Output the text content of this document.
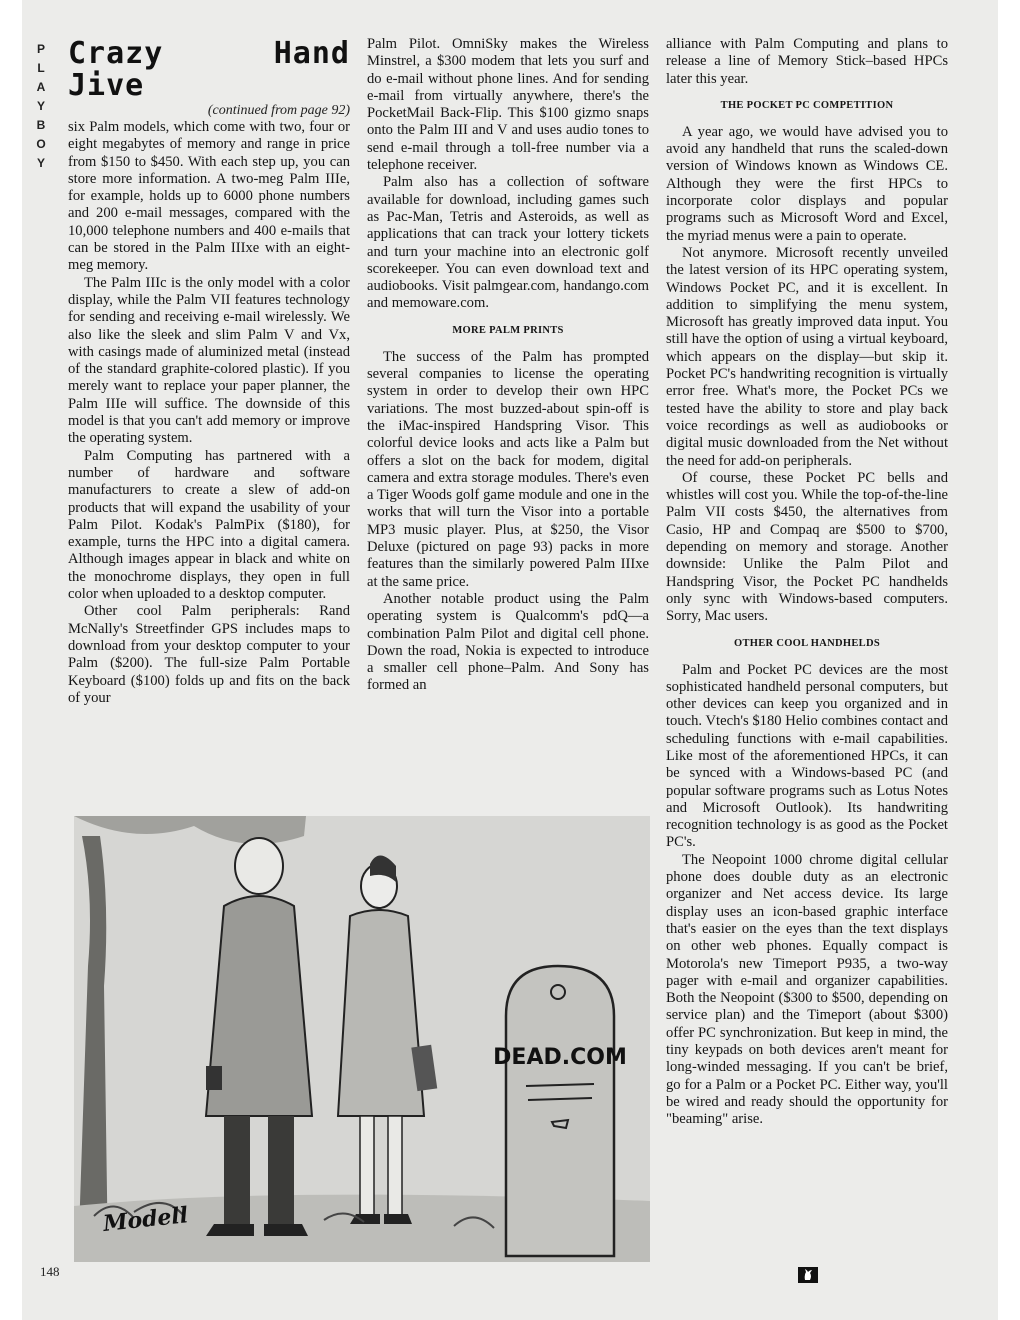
P
L
A
Y
B
O
Y
Crazy Hand Jive
(continued from page 92)

six Palm models, which come with two, four or eight megabytes of memory and range in price from $150 to $450. With each step up, you can store more information. A two-meg Palm IIIe, for example, holds up to 6000 phone numbers and 200 e-mail messages, compared with the 10,000 telephone numbers and 400 e-mails that can be stored in the Palm IIIxe with an eight-meg memory.

The Palm IIIc is the only model with a color display, while the Palm VII features technology for sending and receiving e-mail wirelessly. We also like the sleek and slim Palm V and Vx, with casings made of aluminized metal (instead of the standard graphite-colored plastic). If you merely want to replace your paper planner, the Palm IIIe will suffice. The downside of this model is that you can't add memory or improve the operating system.

Palm Computing has partnered with a number of hardware and software manufacturers to create a slew of add-on products that will expand the usability of your Palm Pilot. Kodak's PalmPix ($180), for example, turns the HPC into a digital camera. Although images appear in black and white on the monochrome displays, they open in full color when uploaded to a desktop computer.

Other cool Palm peripherals: Rand McNally's Streetfinder GPS includes maps to download from your desktop computer to your Palm ($200). The full-size Palm Portable Keyboard ($100) folds up and fits on the back of your

Palm Pilot. OmniSky makes the Wireless Minstrel, a $300 modem that lets you surf and do e-mail without phone lines. And for sending e-mail from virtually anywhere, there's the PocketMail Back-Flip. This $100 gizmo snaps onto the Palm III and V and uses audio tones to send e-mail through a toll-free number via a telephone receiver.

Palm also has a collection of software available for download, including games such as Pac-Man, Tetris and Asteroids, as well as applications that can track your lottery tickets and turn your machine into an electronic golf scorekeeper. You can even download text and audiobooks. Visit palmgear.com, handango.com and memoware.com.

MORE PALM PRINTS

The success of the Palm has prompted several companies to license the operating system in order to develop their own HPC variations. The most buzzed-about spin-off is the iMac-inspired Handspring Visor. This colorful device looks and acts like a Palm but offers a slot on the back for modem, digital camera and extra storage modules. There's even a Tiger Woods golf game module and one in the works that will turn the Visor into a portable MP3 music player. Plus, at $250, the Visor Deluxe (pictured on page 93) packs in more features than the similarly powered Palm IIIxe at the same price.

Another notable product using the Palm operating system is Qualcomm's pdQ—a combination Palm Pilot and digital cell phone. Down the road, Nokia is expected to introduce a smaller cell phone–Palm. And Sony has formed an

alliance with Palm Computing and plans to release a line of Memory Stick–based HPCs later this year.

THE POCKET PC COMPETITION

A year ago, we would have advised you to avoid any handheld that runs the scaled-down version of Windows known as Windows CE. Although they were the first HPCs to incorporate color displays and popular programs such as Microsoft Word and Excel, the myriad menus were a pain to operate.

Not anymore. Microsoft recently unveiled the latest version of its HPC operating system, Windows Pocket PC, and it is excellent. In addition to simplifying the menu system, Microsoft has greatly improved data input. You still have the option of using a virtual keyboard, which appears on the display—but skip it. Pocket PC's handwriting recognition is virtually error free. What's more, the Pocket PCs we tested have the ability to store and play back voice recordings as well as audiobooks or digital music downloaded from the Net without the need for add-on peripherals.

Of course, these Pocket PC bells and whistles will cost you. While the top-of-the-line Palm VII costs $450, the alternatives from Casio, HP and Compaq are $500 to $700, depending on memory and storage. Another downside: Unlike the Palm Pilot and Handspring Visor, the Pocket PC handhelds only sync with Windows-based computers. Sorry, Mac users.

OTHER COOL HANDHELDS

Palm and Pocket PC devices are the most sophisticated handheld personal computers, but other devices can keep you organized and in touch. Vtech's $180 Helio combines contact and scheduling functions with e-mail capabilities. Like most of the aforementioned HPCs, it can be synced with a Windows-based PC (and popular software programs such as Lotus Notes and Microsoft Outlook). Its handwriting recognition technology is as good as the Pocket PC's.

The Neopoint 1000 chrome digital cellular phone does double duty as an electronic organizer and Net access device. Its large display uses an icon-based graphic interface that's easier on the eyes than the text displays on other web phones. Equally compact is Motorola's new Timeport P935, a two-way pager with e-mail and organizer capabilities. Both the Neopoint ($300 to $500, depending on service plan) and the Timeport (about $300) offer PC synchronization. But keep in mind, the tiny keypads on both devices aren't meant for long-winded messaging. If you can't be brief, go for a Palm or a Pocket PC. Either way, you'll be wired and ready should the opportunity for "beaming" arise.

DEAD.COM
Modell
148
